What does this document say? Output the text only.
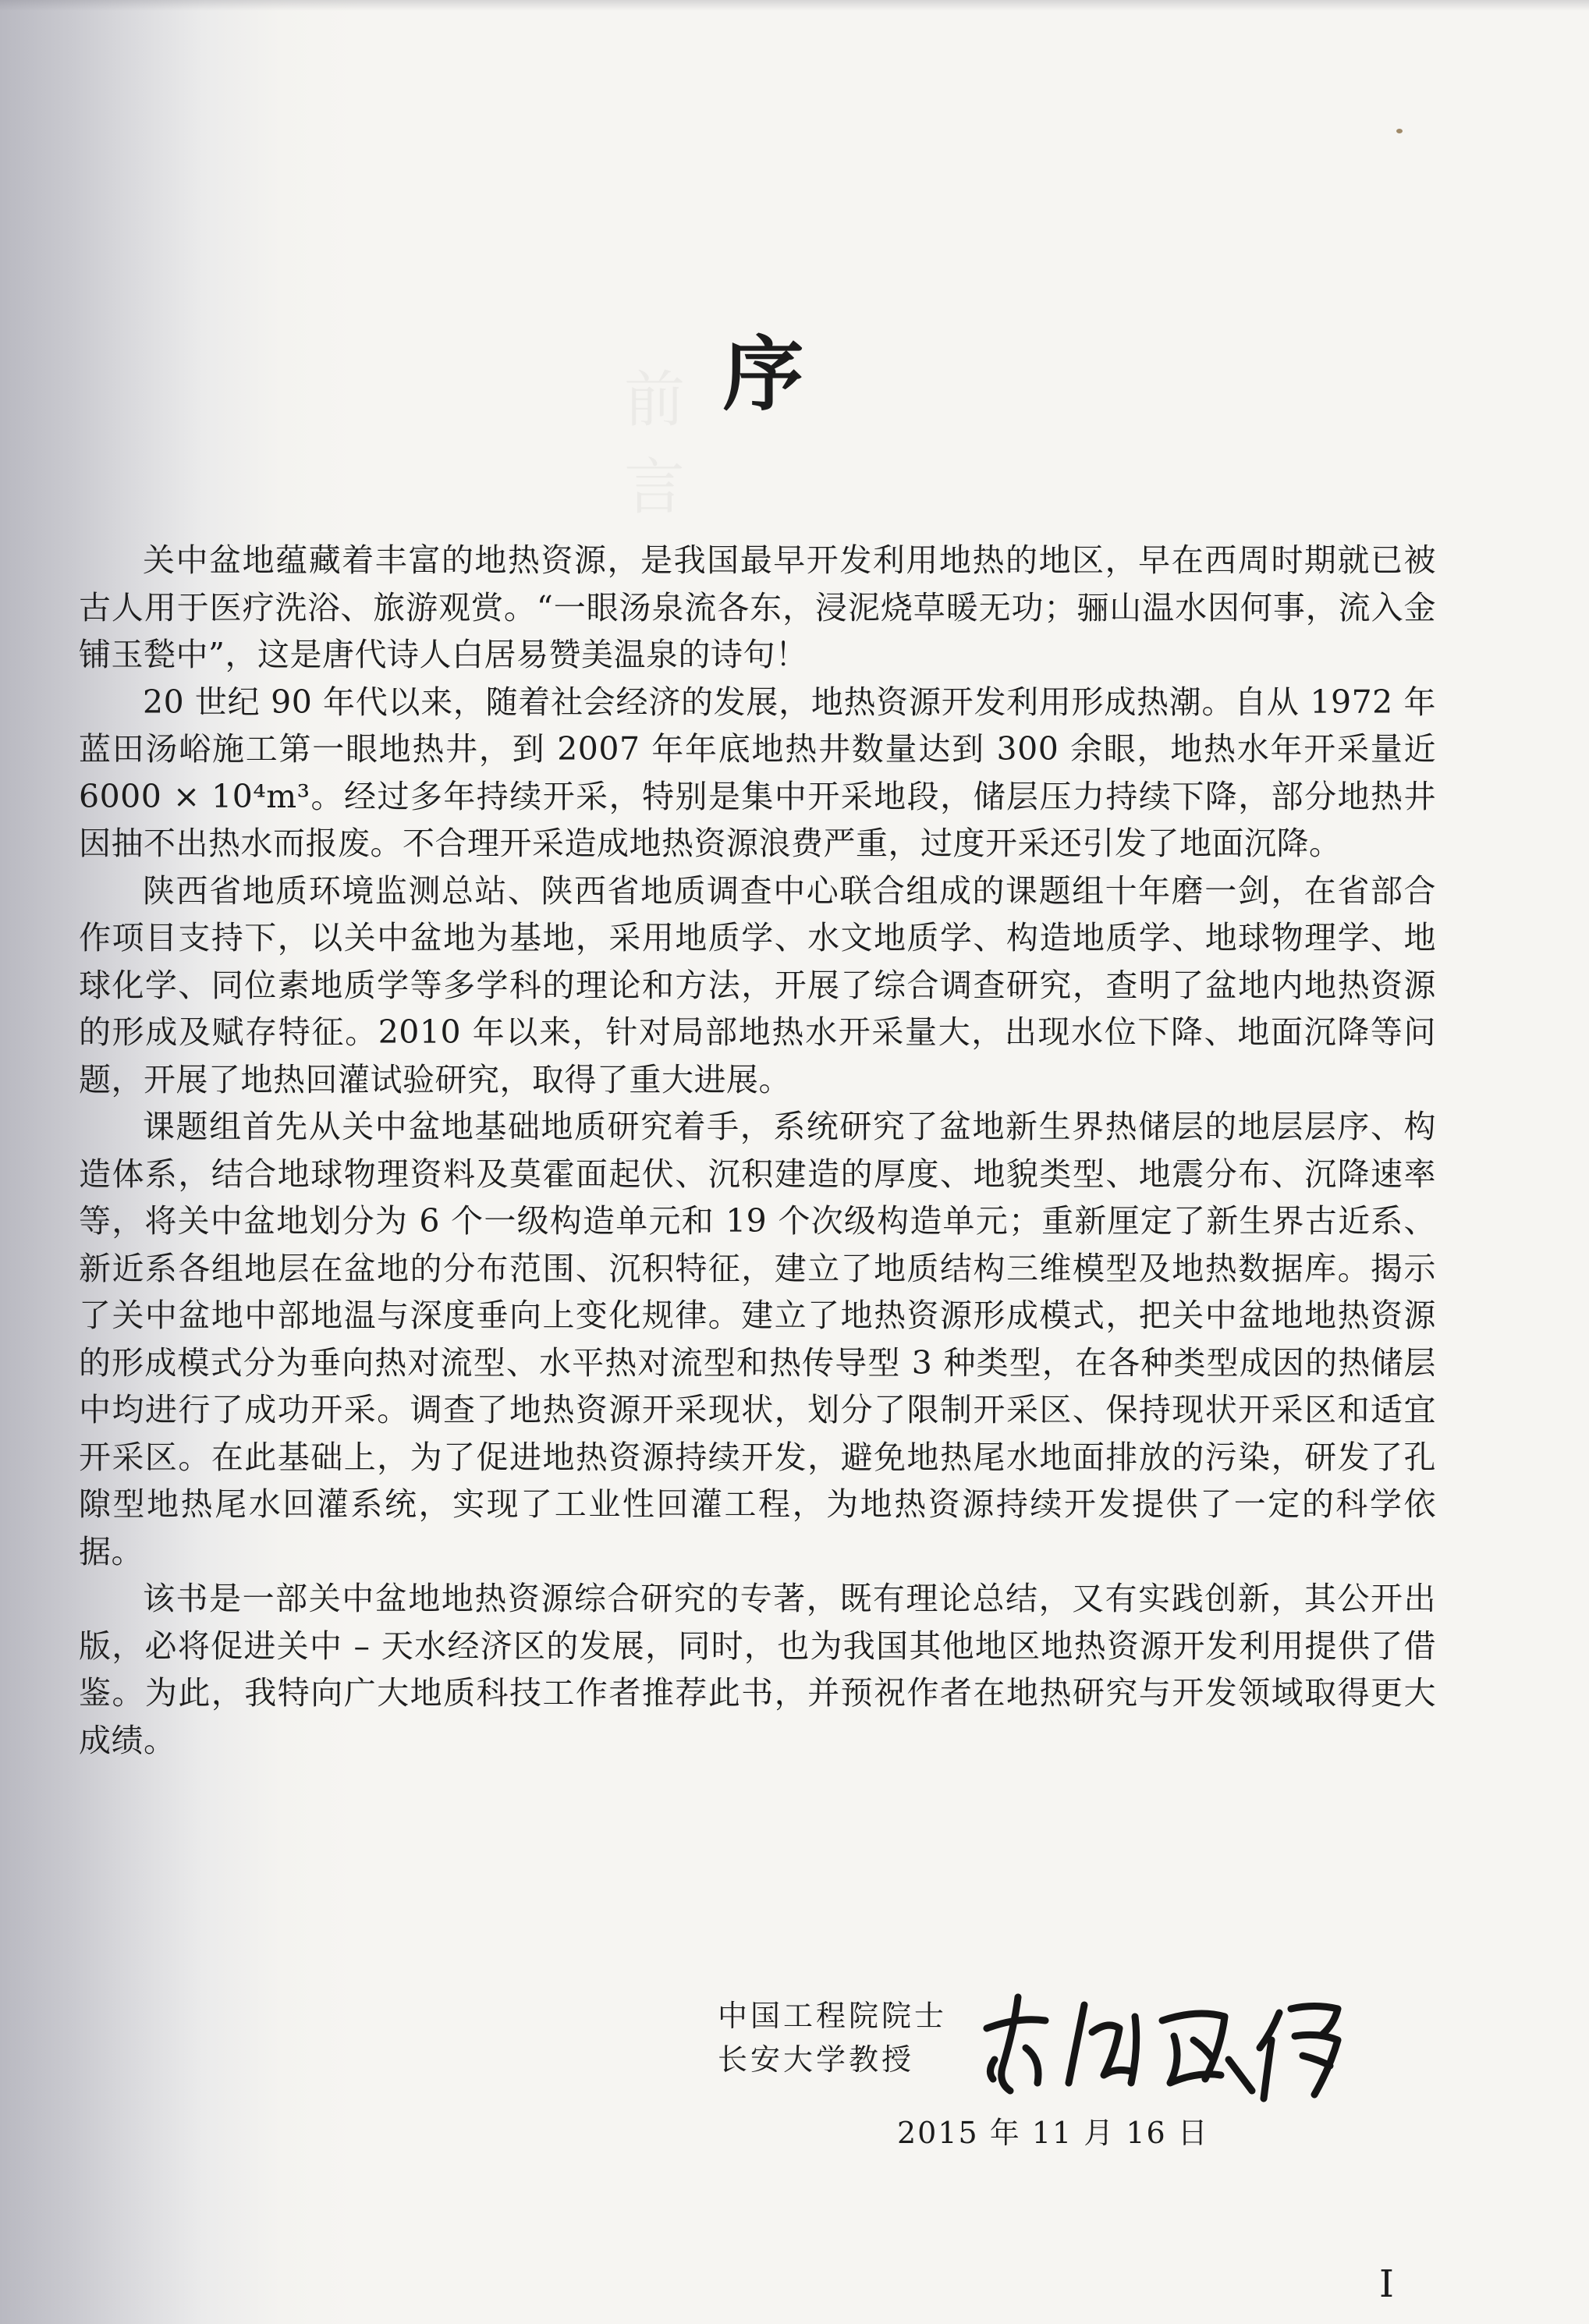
前言
序

关中盆地蕴藏着丰富的地热资源，是我国最早开发利用地热的地区，早在西周时期就已被古人用于医疗洗浴、旅游观赏。“一眼汤泉流各东，浸泥烧草暖无功；骊山温水因何事，流入金铺玉甃中”，这是唐代诗人白居易赞美温泉的诗句！

20 世纪 90 年代以来，随着社会经济的发展，地热资源开发利用形成热潮。自从 1972 年蓝田汤峪施工第一眼地热井，到 2007 年年底地热井数量达到 300 余眼，地热水年开采量近 6000 × 10⁴m³。经过多年持续开采，特别是集中开采地段，储层压力持续下降，部分地热井因抽不出热水而报废。不合理开采造成地热资源浪费严重，过度开采还引发了地面沉降。

陕西省地质环境监测总站、陕西省地质调查中心联合组成的课题组十年磨一剑，在省部合作项目支持下，以关中盆地为基地，采用地质学、水文地质学、构造地质学、地球物理学、地球化学、同位素地质学等多学科的理论和方法，开展了综合调查研究，查明了盆地内地热资源的形成及赋存特征。2010 年以来，针对局部地热水开采量大，出现水位下降、地面沉降等问题，开展了地热回灌试验研究，取得了重大进展。

课题组首先从关中盆地基础地质研究着手，系统研究了盆地新生界热储层的地层层序、构造体系，结合地球物理资料及莫霍面起伏、沉积建造的厚度、地貌类型、地震分布、沉降速率等，将关中盆地划分为 6 个一级构造单元和 19 个次级构造单元；重新厘定了新生界古近系、新近系各组地层在盆地的分布范围、沉积特征，建立了地质结构三维模型及地热数据库。揭示了关中盆地中部地温与深度垂向上变化规律。建立了地热资源形成模式，把关中盆地地热资源的形成模式分为垂向热对流型、水平热对流型和热传导型 3 种类型，在各种类型成因的热储层中均进行了成功开采。调查了地热资源开采现状，划分了限制开采区、保持现状开采区和适宜开采区。在此基础上，为了促进地热资源持续开发，避免地热尾水地面排放的污染，研发了孔隙型地热尾水回灌系统，实现了工业性回灌工程，为地热资源持续开发提供了一定的科学依据。

该书是一部关中盆地地热资源综合研究的专著，既有理论总结，又有实践创新，其公开出版，必将促进关中 – 天水经济区的发展，同时，也为我国其他地区地热资源开发利用提供了借鉴。为此，我特向广大地质科技工作者推荐此书，并预祝作者在地热研究与开发领域取得更大成绩。

中国工程院院士
长安大学教授
2015 年 11 月 16 日
I
